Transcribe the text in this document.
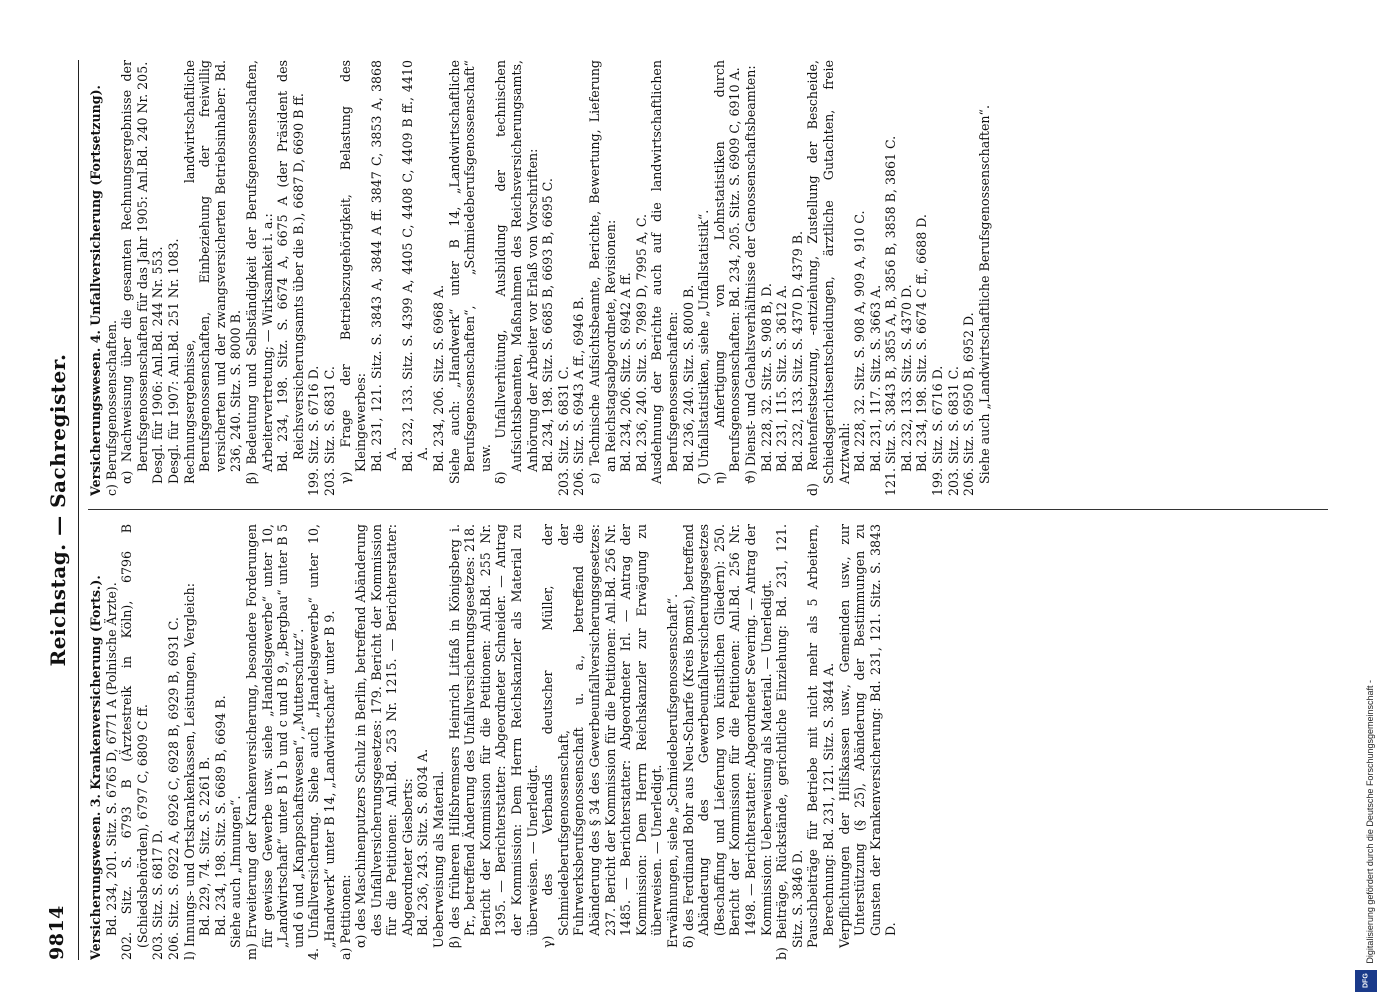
9814
Reichstag. — Sachregister.

Versicherungswesen. 3. Krankenversicherung (Forts.). Bd. 234, 201. Sitz. S. 6765 D, 6771 A (Polnische Ärzte). 202. Sitz. S. 6793 B (Ärztestreik in Köln), 6796 B (Schiedsbehörden), 6797 C, 6809 C ff. 203. Sitz. S. 6817 D. 206. Sitz. S. 6922 A, 6926 C, 6928 B, 6929 B, 6931 C. l) Innungs- und Ortskrankenkassen, Leistungen, Vergleich: Bd. 229, 74. Sitz. S. 2261 B. Bd. 234, 198. Sitz. S. 6689 B, 6694 B. Siehe auch „Innungen“. m) Erweiterung der Krankenversicherung, besondere Forderungen für gewisse Gewerbe usw. siehe „Handelsgewerbe“ unter 10, „Landwirtschaft“ unter B 1 b und c und B 9, „Bergbau“ unter B 5 und 6 und „Knappschaftswesen“, „Mutterschutz“. 4. Unfallversicherung. Siehe auch „Handelsgewerbe“ unter 10, „Handwerk“ unter B 14, „Landwirtschaft“ unter B 9. a) Petitionen: α) des Maschinenputzers Schulz in Berlin, betreffend Abänderung des Unfallversicherungsgesetzes: 179. Bericht der Kommission für die Petitionen: Anl.Bd. 253 Nr. 1215. — Berichterstatter: Abgeordneter Giesberts: Bd. 236, 243. Sitz. S. 8034 A. Ueberweisung als Material. β) des früheren Hilfsbremsers Heinrich Litfaß in Königsberg i. Pr., betreffend Änderung des Unfallversicherungsgesetzes: 218. Bericht der Kommission für die Petitionen: Anl.Bd. 255 Nr. 1395. — Berichterstatter: Abgeordneter Schneider. — Antrag der Kommission: Dem Herrn Reichskanzler als Material zu überweisen. — Unerledigt. γ) des Verbands deutscher Müller, der Schmiedeberufsgenossenschaft, der Fuhrwerksberufsgenossenschaft u. a., betreffend die Abänderung des § 34 des Gewerbeunfallversicherungsgesetzes: 237. Bericht der Kommission für die Petitionen: Anl.Bd. 256 Nr. 1485. — Berichterstatter: Abgeordneter Irl. — Antrag der Kommission: Dem Herrn Reichskanzler zur Erwägung zu überweisen. — Unerledigt. Erwähnungen, siehe „Schmiedeberufsgenossenschaft“. δ) des Ferdinand Bohr aus Neu-Scharfe (Kreis Bomst), betreffend Abänderung des Gewerbeunfallversicherungsgesetzes (Beschaffung und Lieferung von künstlichen Gliedern): 250. Bericht der Kommission für die Petitionen: Anl.Bd. 256 Nr. 1498. — Berichterstatter: Abgeordneter Severing. — Antrag der Kommission: Ueberweisung als Material. — Unerledigt. b) Beiträge, Rückstände, gerichtliche Einziehung: Bd. 231, 121. Sitz. S. 3846 D. Pauschbeiträge für Betriebe mit nicht mehr als 5 Arbeitern, Berechnung: Bd. 231, 121. Sitz. S. 3844 A. Verpflichtungen der Hilfskassen usw., Gemeinden usw., zur Unterstützung (§ 25), Abänderung der Bestimmungen zu Gunsten der Krankenversicherung: Bd. 231, 121. Sitz. S. 3843 D.

Versicherungswesen. 4. Unfallversicherung (Fortsetzung). c) Berufsgenossenschaften. α) Nachweisung über die gesamten Rechnungsergebnisse der Berufsgenossenschaften für das Jahr 1905: Anl.Bd. 240 Nr. 205. Desgl. für 1906: Anl.Bd. 244 Nr. 553. Desgl. für 1907: Anl.Bd. 251 Nr. 1083. Rechnungsergebnisse, landwirtschaftliche Berufsgenossenschaften, Einbeziehung der freiwillig versicherten und der zwangsversicherten Betriebsinhaber: Bd. 236, 240. Sitz. S. 8000 B. β) Bedeutung und Selbständigkeit der Berufsgenossenschaften, Arbeitervertretung; — Wirksamkeit i. a.: Bd. 234, 198. Sitz. S. 6674 A, 6675 A (der Präsident des Reichsversicherungsamts über die B.), 6687 D, 6690 B ff. 199. Sitz. S. 6716 D. 203. Sitz. S. 6831 C. γ) Frage der Betriebszugehörigkeit, Belastung des Kleingewerbes: Bd. 231, 121. Sitz. S. 3843 A, 3844 A ff. 3847 C, 3853 A, 3868 A. Bd. 232, 133. Sitz. S. 4399 A, 4405 C, 4408 C, 4409 B ff., 4410 A. Bd. 234, 206. Sitz. S. 6968 A. Siehe auch: „Handwerk“ unter B 14, „Landwirtschaftliche Berufsgenossenschaften“, „Schmiedeberufsgenossenschaft“ usw. δ) Unfallverhütung, Ausbildung der technischen Aufsichtsbeamten, Maßnahmen des Reichsversicherungsamts, Anhörung der Arbeiter vor Erlaß von Vorschriften: Bd. 234, 198. Sitz. S. 6685 B, 6693 B, 6695 C. 203. Sitz. S. 6831 C. 206. Sitz. S. 6943 A ff., 6946 B. ε) Technische Aufsichtsbeamte, Berichte, Bewertung, Lieferung an Reichstagsabgeordnete, Revisionen: Bd. 234, 206. Sitz. S. 6942 A ff. Bd. 236, 240. Sitz. S. 7989 D, 7995 A, C. Ausdehnung der Berichte auch auf die landwirtschaftlichen Berufsgenossenschaften: Bd. 236, 240. Sitz. S. 8000 B. ζ) Unfallstatistiken, siehe „Unfallstatistik“. η) Anfertigung von Lohnstatistiken durch Berufsgenossenschaften: Bd. 234, 205. Sitz. S. 6909 C, 6910 A. ϑ) Dienst- und Gehaltsverhältnisse der Genossenschaftsbeamten: Bd. 228, 32. Sitz. S. 908 B, D. Bd. 231, 115. Sitz. S. 3612 A. Bd. 232, 133. Sitz. S. 4370 D, 4379 B. d) Rentenfestsetzung, -entziehung, Zustellung der Bescheide, Schiedsgerichtsentscheidungen, ärztliche Gutachten, freie Arztwahl: Bd. 228, 32. Sitz. S. 908 A, 909 A, 910 C. Bd. 231, 117. Sitz. S. 3663 A. 121. Sitz. S. 3843 B, 3855 A, B, 3856 B, 3858 B, 3861 C. Bd. 232, 133. Sitz. S. 4370 D. Bd. 234, 198. Sitz. S. 6674 C ff., 6688 D. 199. Sitz. S. 6716 D. 203. Sitz. S. 6831 C. 206. Sitz. S. 6950 B, 6952 D. Siehe auch „Landwirtschaftliche Berufsgenossenschaften“.

Digitalisierung gefördert durch die Deutsche Forschungsgemeinschaft -
DFG
